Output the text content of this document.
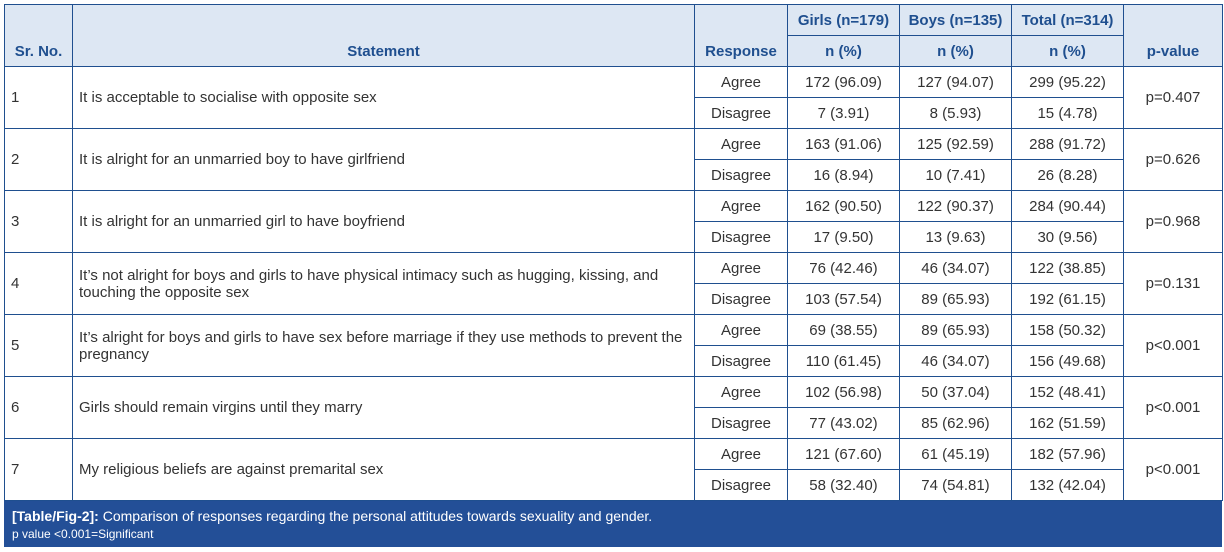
Sr. No.	Statement	Response	Girls (n=179)	Boys (n=135)	Total (n=314)	p-value
			n (%)	n (%)	n (%)	
1	It is acceptable to socialise with opposite sex	Agree	172 (96.09)	127 (94.07)	299 (95.22)	p=0.407
		Disagree	7 (3.91)	8 (5.93)	15 (4.78)	
2	It is alright for an unmarried boy to have girlfriend	Agree	163 (91.06)	125 (92.59)	288 (91.72)	p=0.626
		Disagree	16 (8.94)	10 (7.41)	26 (8.28)	
3	It is alright for an unmarried girl to have boyfriend	Agree	162 (90.50)	122 (90.37)	284 (90.44)	p=0.968
		Disagree	17 (9.50)	13 (9.63)	30 (9.56)	
4	It’s not alright for boys and girls to have physical intimacy such as hugging, kissing, and touching the opposite sex	Agree	76 (42.46)	46 (34.07)	122 (38.85)	p=0.131
		Disagree	103 (57.54)	89 (65.93)	192 (61.15)	
5	It’s alright for boys and girls to have sex before marriage if they use methods to prevent the pregnancy	Agree	69 (38.55)	89 (65.93)	158 (50.32)	p<0.001
		Disagree	110 (61.45)	46 (34.07)	156 (49.68)	
6	Girls should remain virgins until they marry	Agree	102 (56.98)	50 (37.04)	152 (48.41)	p<0.001
		Disagree	77 (43.02)	85 (62.96)	162 (51.59)	
7	My religious beliefs are against premarital sex	Agree	121 (67.60)	61 (45.19)	182 (57.96)	p<0.001
		Disagree	58 (32.40)	74 (54.81)	132 (42.04)	
[Table/Fig-2]: Comparison of responses regarding the personal attitudes towards sexuality and gender.
p value <0.001=Significant
